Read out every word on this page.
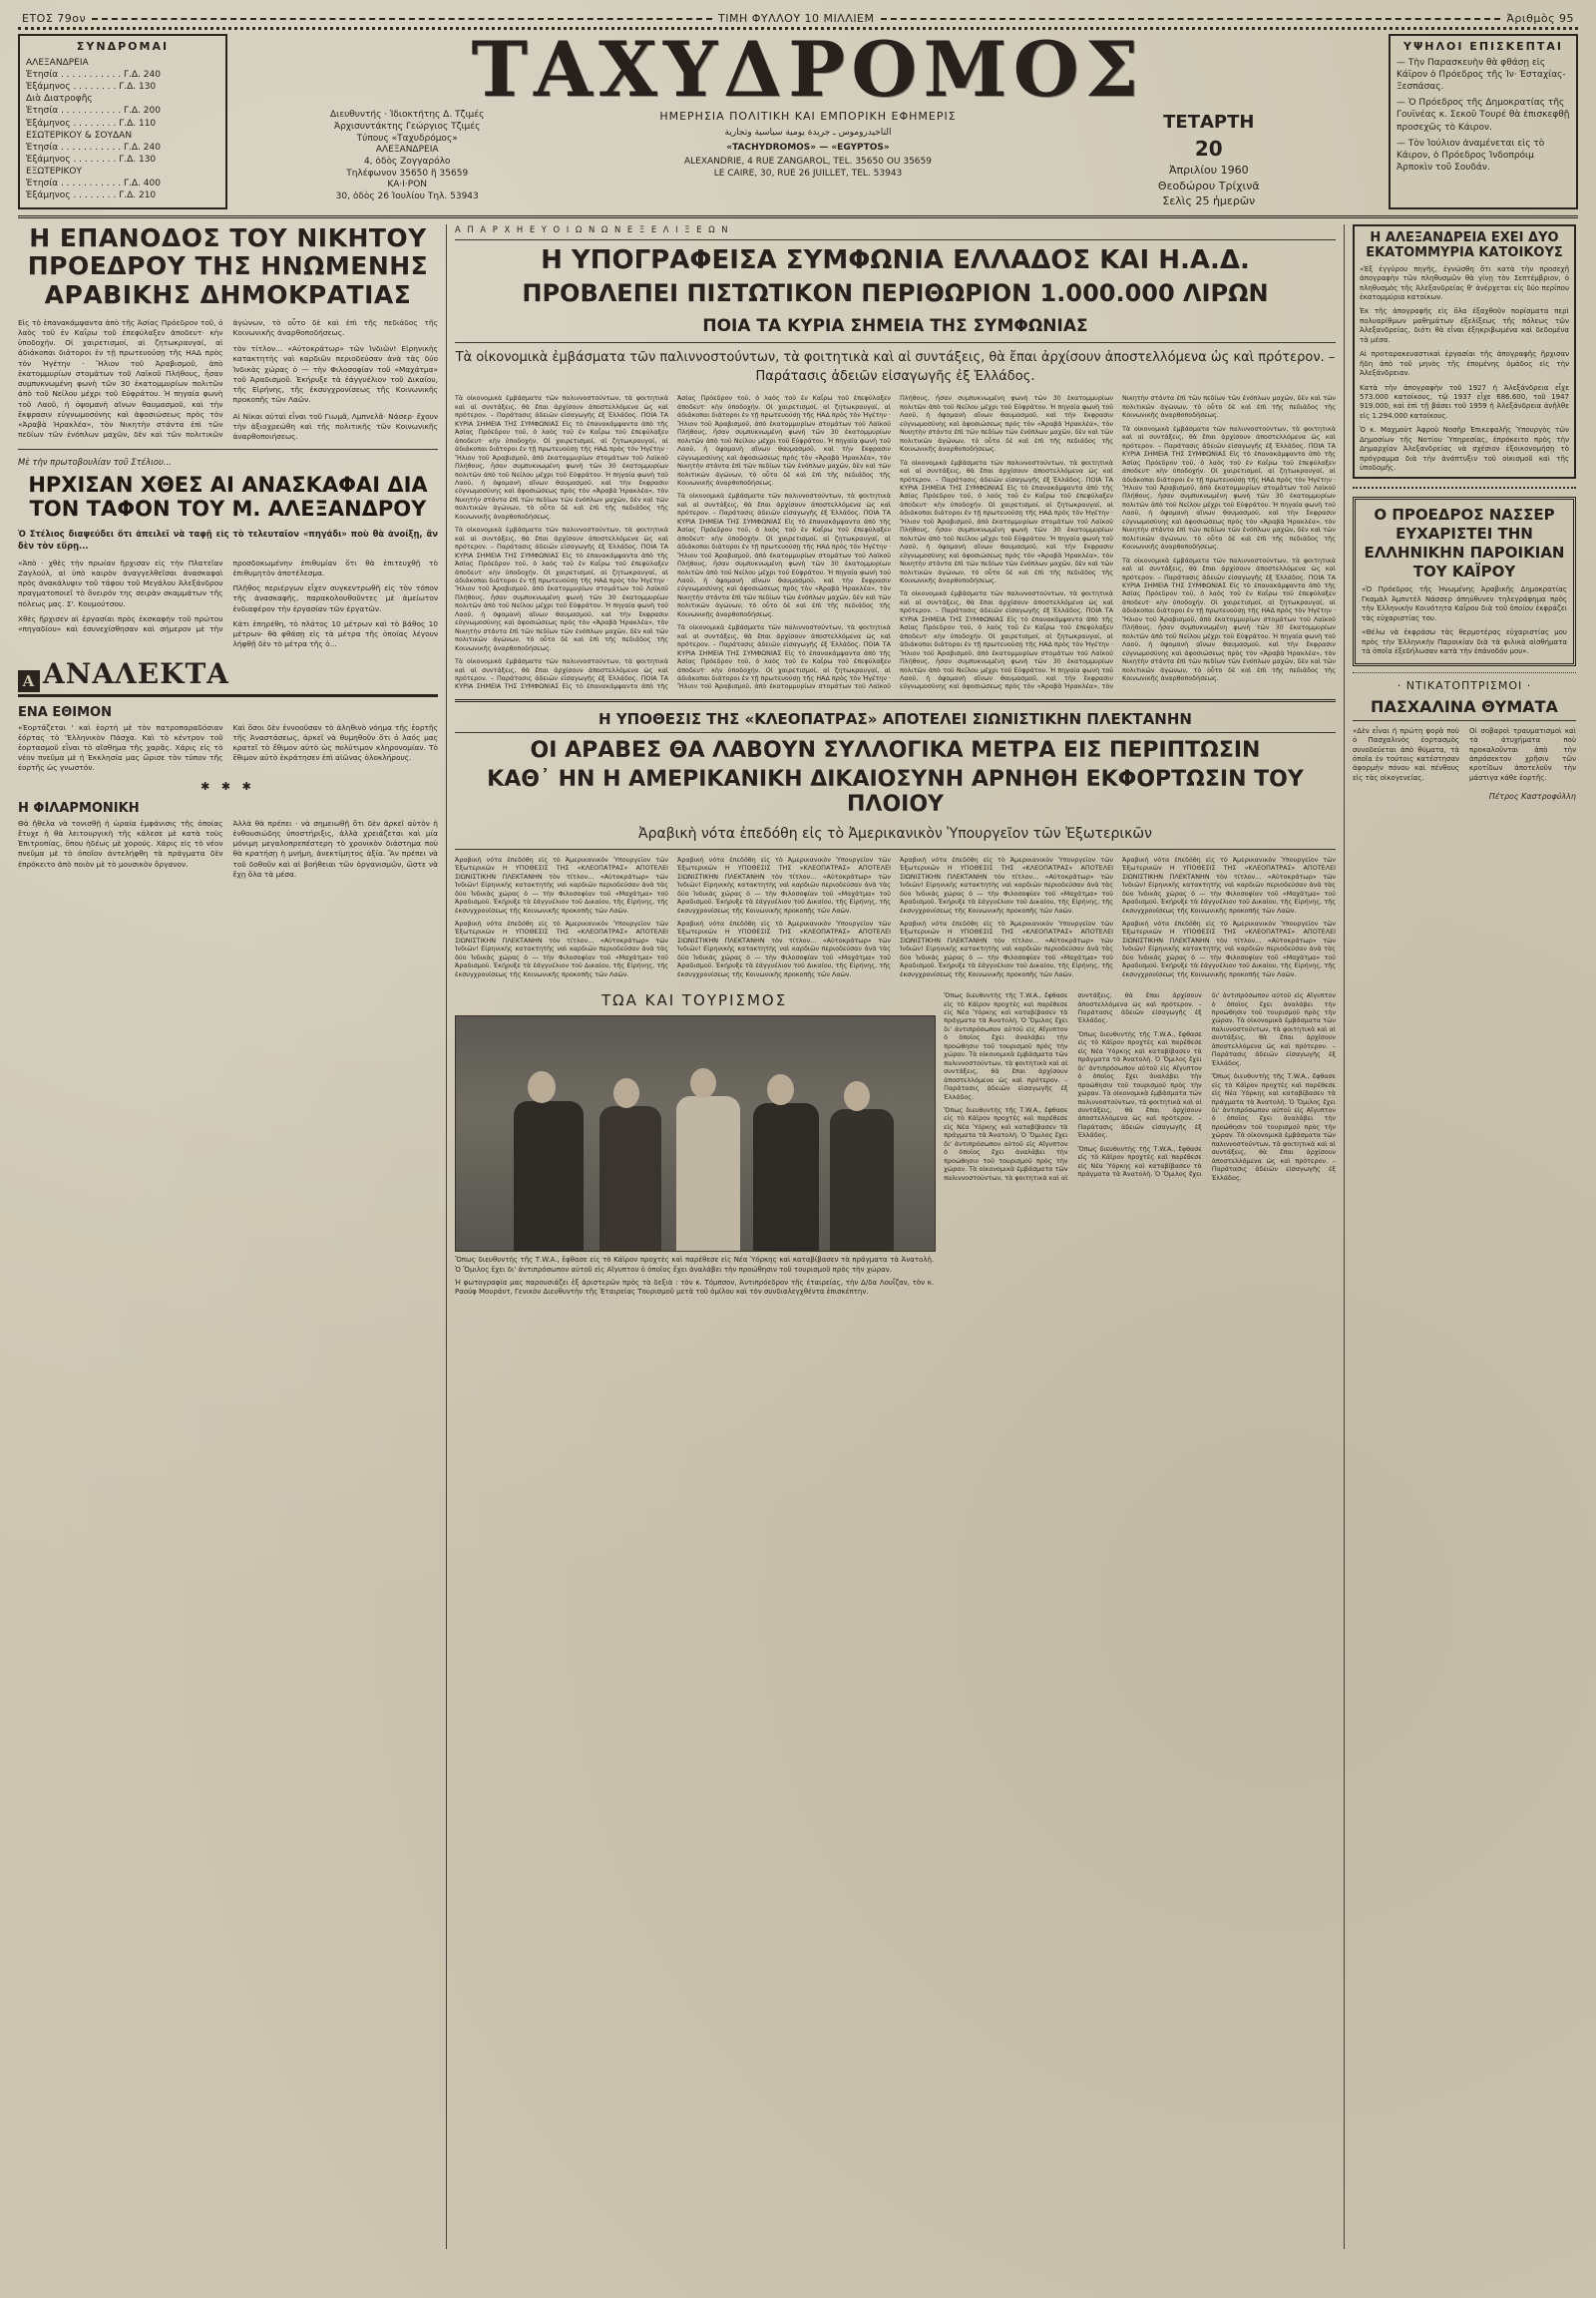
ΕΤΟΣ 79ον	ΤΙΜΗ ΦΥΛΛΟΥ 10 ΜΙΛΛΙΕΜ	Ἀριθμὸς 95
ΣΥΝΔΡΟΜΑΙ
ΑΛΕΞΑΝΔΡΕΙΑ
Ἐτησία . . . . . . . . . . . Γ.Δ. 240
Ἑξάμηνος . . . . . . . . Γ.Δ. 130
Διὰ Διατροφῆς
Ἐτησία . . . . . . . . . . . Γ.Δ. 200
Ἑξάμηνος . . . . . . . . Γ.Δ. 110
ΕΣΩΤΕΡΙΚΟΥ & ΣΟΥΔΑΝ
Ἐτησία . . . . . . . . . . . Γ.Δ. 240
Ἑξάμηνος . . . . . . . . Γ.Δ. 130
ΕΞΩΤΕΡΙΚΟΥ
Ἐτησία . . . . . . . . . . . Γ.Δ. 400
Ἑξάμηνος . . . . . . . . Γ.Δ. 210
ΤΑΧΥΔΡΟΜΟΣ
Διευθυντής · Ἰδιοκτήτης Δ. Τζιμές
Ἀρχισυντάκτης Γεώργιος Τζιμές
Τύπους «Ταχυδρόμος»
ΑΛΕΞΑΝΔΡΕΙΑ
4, ὁδὸς Ζογγαρόλο
Τηλέφωνον 35650 ἢ 35659
ΚΑ·Ι·ΡΟΝ
30, ὁδὸς 26 Ἰουλίου Τηλ. 53943
ΗΜΕΡΗΣΙΑ ΠΟΛΙΤΙΚΗ ΚΑΙ ΕΜΠΟΡΙΚΗ ΕΦΗΜΕΡΙΣ
التاخيدروموس ـ جريدة يومية سياسية وتجارية
«TACHYDROMOS» — «EGYPTOS»
ALEXANDRIE, 4 RUE ZANGAROL, TEL. 35650 OU 35659
LE CAIRE, 30, RUE 26 JUILLET, TEL. 53943
ΤΕΤΑΡΤΗ
20
Ἀπριλίου 1960
Θεοδώρου Τρίχινᾶ
Σελὶς 25 ἡμερῶν
ΥΨΗΛΟΙ ΕΠΙΣΚΕΠΤΑΙ
— Τὴν Παρασκευὴν θὰ φθάσῃ εἰς Κάϊρον ὁ Πρόεδρος τῆς Ἰν· Ἐσταχίας-Ξεσπάσας.
— Ὁ Πρόεδρος τῆς Δημοκρατίας τῆς Γουϊνέας κ. Σεκοῦ Τουρέ θὰ ἐπισκεφθῇ προσεχῶς τὸ Κάιρον.
— Τὸν Ἰούλιον ἀναμένεται εἰς τὸ Κάιρον, ὁ Πρόεδρος Ἰνδοπρόιμ Ἀρποκὶν τοῦ Σουδάν.
Η ΕΠΑΝΟΔΟΣ ΤΟΥ ΝΙΚΗΤΟΥ ΠΡΟΕΔΡΟΥ ΤΗΣ ΗΝΩΜΕΝΗΣ ΑΡΑΒΙΚΗΣ ΔΗΜΟΚΡΑΤΙΑΣ
Εἰς τὸ ἐπανακάμψαντα ἀπὸ τῆς Ἀσίας Πρόεδρον τοῦ, ὁ λαὸς τοῦ ἐν Καΐρω τοῦ ἐπεφύλαξεν ἀποδευτ· κὴν ὑποδοχήν. Οἱ χαιρετισμοί, αἱ ζητωκραυγαί, αἱ ἀδιάκοπαι διάτοροι ἐν τῇ πρωτευούσῃ τῆς ΗΑΔ πρὸς τὸν Ἡγέτην · Ἥλιον τοῦ Ἀραβισμοῦ, ἀπὸ ἑκατομμυρίων στομάτων τοῦ Λαϊκοῦ Πλήθους, ἦσαν συμπυκνωμένη φωνὴ τῶν 30 ἑκατομμυρίων πολιτῶν ἀπὸ τοῦ Νείλου μέχρι τοῦ Εὐφράτου. Ἡ πηγαία φωνὴ τοῦ Λαοῦ, ἡ ὀψομανὴ αἴνων θαυμασμοῦ, καὶ τὴν ἔκφρασιν εὐγνωμοσύνης καὶ ἀφοσιώσεως πρὸς τὸν «Ἀραβὰ Ἡρακλέα», τὸν Νικητὴν στάντα ἐπὶ τῶν πεδίων τῶν ἐνόπλων μαχῶν, δὲν καὶ τῶν πολιτικῶν ἀγώνων, τὸ οὗτο δὲ καὶ ἐπὶ τῆς πεδιάδος τῆς Κοινωνικῆς ἀναρθοποδήσεως.
τὸν τίτλον... «Αὐτοκράτωρ» τῶν Ἰνδιῶν! Εἰρηνικὴς κατακτητὴς ναὶ καρδιῶν περιοδεύσαν ἀνὰ τὰς δύο Ἰνδικὰς χώρας ὁ — τὴν Φιλοσοφίαν τοῦ «Μαχάτμα» τοῦ Ἀραδισμοῦ. Ἐκήρυξε τὰ ἐάγγυέλιον τοῦ Δικαίου, τῆς Εἰρήνης, τῆς ἐκσυγχρονίσεως τῆς Κοινωνικῆς προκοπῆς τῶν Λαῶν.
Αἱ Νίκαι αὐταὶ εἶναι τοῦ Γιωμᾶ, Λμπνελᾶ· Νάσερ· ἔχουν τὴν ἀξιοχρεώθη καὶ τῆς πολιτικῆς τῶν Κοινωνικῆς ἀναρθοποιήσεως.
Μὲ τὴν πρωτοβουλίαν τοῦ Στέλιου...
ΗΡΧΙΣΑΝ ΧΘΕΣ ΑΙ ΑΝΑΣΚΑΦΑΙ ΔΙΑ ΤΟΝ ΤΑΦΟΝ ΤΟΥ Μ. ΑΛΕΞΑΝΔΡΟΥ
Ὁ Στέλιος διαψεύδει ὅτι ἀπειλεῖ νὰ ταφῇ εἰς τὸ τελευταῖον «πηγάδι» ποὺ θὰ ἀνοίξῃ, ἂν δὲν τὸν εὕρῃ...
«Ἀπὸ · χθὲς τὴν πρωίαν ἤρχισαν εἰς τὴν Πλατεῖαν Ζαγλούλ, αἱ ὑπὸ καιρὸν ἀναγγελθεῖσαι ἀνασκαφαὶ πρὸς ἀνακάλυψιν τοῦ τάφου τοῦ Μεγάλου Ἀλεξάνδρου πραγματοποιεῖ τὸ ὄνειρόν της σειρὰν σκαμμάτων τῆς πόλεως μας. Σ'. Κουμούτσου.
Χθὲς ἤρχισεν αἱ ἐργασίαι πρὸς ἐκσκαφὴν τοῦ πρώτου «πηγαδίου» καὶ ἐσυνεχίσθησαν καὶ σήμερον μὲ τὴν προσδοκωμένην ἐπιθυμίαν ὅτι θὰ ἐπιτευχθῇ τὸ ἐπιθυμητὸν ἀποτέλεσμα.
Πλῆθος περιέργων εἶχεν συγκεντρωθῆ εἰς τὸν τόπον τῆς ἀνασκαφῆς, παρακολουθοῦντες μὲ ἀμείωτον ἐνδιαφέρον τὴν ἐργασίαν τῶν ἐργατῶν.
Κάτι ἐπηρέθη, τὸ πλάτος 10 μέτρων καὶ τὸ βάθος 10 μέτρων· θὰ φθάσῃ εἰς τὰ μέτρα τῆς ὁποίας λέγουν λήφθῇ δὲν τὸ μέτρα τῆς ὁ...
Α ΑΝΑΛΕΚΤΑ
ΕΝΑ ΕΘΙΜΟΝ
«Ἐορτάζεται ' καὶ ἑορτὴ μὲ τὸν πατροπαραδόσιαν ἑόρτας τὸ 'Ἑλληνικὸν Πάσχα. Καὶ τὸ κέντρον τοῦ ἑορτασμοῦ εἶναι τὸ αἴσθημα τῆς χαρᾶς. Χάρις εἰς τὸ νέον πνεῦμα μὲ ἡ Ἐκκλησία μας ὥρισε τὸν τύπον τῆς ἑορτῆς ὡς γνωστόν.
Καὶ ὅσοι δὲν ἐννοοῦσαν τὸ ἀληθινὸ νόημα τῆς ἑορτῆς τῆς Ἀναστάσεως, ἀρκεῖ νὰ θυμηθοῦν ὅτι ὁ λαός μας κρατεῖ τὸ ἔθιμον αὐτὸ ὡς πολύτιμον κληρονομίαν. Τὸ ἔθιμον αὐτὸ ἐκράτησεν ἐπὶ αἰῶνας ὁλοκλήρους.
✱ ✱ ✱
Η ΦΙΛΑΡΜΟΝΙΚΗ
Θὰ ἤθελα νὰ τονισθῇ ἡ ὡραία ἐμφάνισις τῆς ὁποίας ἔτυχε ἡ θὰ λειτουργικὴ τῆς κάλεσε μὲ κατὰ τοὺς Ἐπιτροπίας, ὅπου ἡδέως μὲ χορούς. Χάρις εἰς τὸ νέον πνεῦμα μὲ τὸ ὁποῖον ἀντελήφθη τὰ πράγματα δὲν ἐπρόκειτο ἀπὸ ποιὸν μὲ τὸ μουσικὸν ὄργανον.
Ἀλλὰ θὰ πρέπει · νὰ σημειωθῇ ὅτι δὲν ἀρκεῖ αὐτὸν ἡ ἐνθουσιώδης ὑποστήριξις, ἀλλὰ χρειάζεται καὶ μία μόνιμη μεγαλοπρεπέστερη τὸ χρονικὸν διάστημα ποὺ θὰ κρατήσῃ ἡ μνήμη, ἀνεκτίμητος ἀξία. Ἂν πρέπει νὰ τοῦ δοθοῦν καὶ αἱ βοήθειαι τῶν ὀργανισμῶν, ὥστε νὰ ἔχῃ ὅλα τὰ μέσα.
Α Π Α Ρ Χ Η Ε Υ Ο Ι Ω Ν Ω Ν Ε Ξ Ε Λ Ι Ξ Ε Ω Ν
Η ΥΠΟΓΡΑΦΕΙΣΑ ΣΥΜΦΩΝΙΑ ΕΛΛΑΔΟΣ ΚΑΙ Η.Α.Δ.
ΠΡΟΒΛΕΠΕΙ ΠΙΣΤΩΤΙΚΟΝ ΠΕΡΙΘΩΡΙΟΝ 1.000.000 ΛΙΡΩΝ
ΠΟΙΑ ΤΑ ΚΥΡΙΑ ΣΗΜΕΙΑ ΤΗΣ ΣΥΜΦΩΝΙΑΣ
Τὰ οἰκονομικὰ ἐμβάσματα τῶν παλιννοστούντων, τὰ φοιτητικὰ καὶ αἱ συντάξεις, θὰ ἔπαι ἀρχίσουν ἀποστελλόμενα ὡς καὶ πρότερον. – Παράτασις ἀδειῶν εἰσαγωγῆς ἐξ Ἑλλάδος.

Τὰ οἰκονομικὰ ἐμβάσματα τῶν παλιννοστούντων, τὰ φοιτητικὰ καὶ αἱ συντάξεις, θὰ ἔπαι ἀρχίσουν ἀποστελλόμενα ὡς καὶ πρότερον. – Παράτασις ἀδειῶν εἰσαγωγῆς ἐξ Ἑλλάδος. ΠΟΙΑ ΤΑ ΚΥΡΙΑ ΣΗΜΕΙΑ ΤΗΣ ΣΥΜΦΩΝΙΑΣ Εἰς τὸ ἐπανακάμψαντα ἀπὸ τῆς Ἀσίας Πρόεδρον τοῦ, ὁ λαὸς τοῦ ἐν Καΐρω τοῦ ἐπεφύλαξεν ἀποδευτ· κὴν ὑποδοχήν. Οἱ χαιρετισμοί, αἱ ζητωκραυγαί, αἱ ἀδιάκοπαι διάτοροι ἐν τῇ πρωτευούσῃ τῆς ΗΑΔ πρὸς τὸν Ἡγέτην · Ἥλιον τοῦ Ἀραβισμοῦ, ἀπὸ ἑκατομμυρίων στομάτων τοῦ Λαϊκοῦ Πλήθους, ἦσαν συμπυκνωμένη φωνὴ τῶν 30 ἑκατομμυρίων πολιτῶν ἀπὸ τοῦ Νείλου μέχρι τοῦ Εὐφράτου. Ἡ πηγαία φωνὴ τοῦ Λαοῦ, ἡ ὀψομανὴ αἴνων θαυμασμοῦ, καὶ τὴν ἔκφρασιν εὐγνωμοσύνης καὶ ἀφοσιώσεως πρὸς τὸν «Ἀραβὰ Ἡρακλέα», τὸν Νικητὴν στάντα ἐπὶ τῶν πεδίων τῶν ἐνόπλων μαχῶν, δὲν καὶ τῶν πολιτικῶν ἀγώνων, τὸ οὗτο δὲ καὶ ἐπὶ τῆς πεδιάδος τῆς Κοινωνικῆς ἀναρθοποδήσεως.

Τὰ οἰκονομικὰ ἐμβάσματα τῶν παλιννοστούντων, τὰ φοιτητικὰ καὶ αἱ συντάξεις, θὰ ἔπαι ἀρχίσουν ἀποστελλόμενα ὡς καὶ πρότερον. – Παράτασις ἀδειῶν εἰσαγωγῆς ἐξ Ἑλλάδος. ΠΟΙΑ ΤΑ ΚΥΡΙΑ ΣΗΜΕΙΑ ΤΗΣ ΣΥΜΦΩΝΙΑΣ Εἰς τὸ ἐπανακάμψαντα ἀπὸ τῆς Ἀσίας Πρόεδρον τοῦ, ὁ λαὸς τοῦ ἐν Καΐρω τοῦ ἐπεφύλαξεν ἀποδευτ· κὴν ὑποδοχήν. Οἱ χαιρετισμοί, αἱ ζητωκραυγαί, αἱ ἀδιάκοπαι διάτοροι ἐν τῇ πρωτευούσῃ τῆς ΗΑΔ πρὸς τὸν Ἡγέτην · Ἥλιον τοῦ Ἀραβισμοῦ, ἀπὸ ἑκατομμυρίων στομάτων τοῦ Λαϊκοῦ Πλήθους, ἦσαν συμπυκνωμένη φωνὴ τῶν 30 ἑκατομμυρίων πολιτῶν ἀπὸ τοῦ Νείλου μέχρι τοῦ Εὐφράτου. Ἡ πηγαία φωνὴ τοῦ Λαοῦ, ἡ ὀψομανὴ αἴνων θαυμασμοῦ, καὶ τὴν ἔκφρασιν εὐγνωμοσύνης καὶ ἀφοσιώσεως πρὸς τὸν «Ἀραβὰ Ἡρακλέα», τὸν Νικητὴν στάντα ἐπὶ τῶν πεδίων τῶν ἐνόπλων μαχῶν, δὲν καὶ τῶν πολιτικῶν ἀγώνων, τὸ οὗτο δὲ καὶ ἐπὶ τῆς πεδιάδος τῆς Κοινωνικῆς ἀναρθοποδήσεως.

Τὰ οἰκονομικὰ ἐμβάσματα τῶν παλιννοστούντων, τὰ φοιτητικὰ καὶ αἱ συντάξεις, θὰ ἔπαι ἀρχίσουν ἀποστελλόμενα ὡς καὶ πρότερον. – Παράτασις ἀδειῶν εἰσαγωγῆς ἐξ Ἑλλάδος. ΠΟΙΑ ΤΑ ΚΥΡΙΑ ΣΗΜΕΙΑ ΤΗΣ ΣΥΜΦΩΝΙΑΣ Εἰς τὸ ἐπανακάμψαντα ἀπὸ τῆς Ἀσίας Πρόεδρον τοῦ, ὁ λαὸς τοῦ ἐν Καΐρω τοῦ ἐπεφύλαξεν ἀποδευτ· κὴν ὑποδοχήν. Οἱ χαιρετισμοί, αἱ ζητωκραυγαί, αἱ ἀδιάκοπαι διάτοροι ἐν τῇ πρωτευούσῃ τῆς ΗΑΔ πρὸς τὸν Ἡγέτην · Ἥλιον τοῦ Ἀραβισμοῦ, ἀπὸ ἑκατομμυρίων στομάτων τοῦ Λαϊκοῦ Πλήθους, ἦσαν συμπυκνωμένη φωνὴ τῶν 30 ἑκατομμυρίων πολιτῶν ἀπὸ τοῦ Νείλου μέχρι τοῦ Εὐφράτου. Ἡ πηγαία φωνὴ τοῦ Λαοῦ, ἡ ὀψομανὴ αἴνων θαυμασμοῦ, καὶ τὴν ἔκφρασιν εὐγνωμοσύνης καὶ ἀφοσιώσεως πρὸς τὸν «Ἀραβὰ Ἡρακλέα», τὸν Νικητὴν στάντα ἐπὶ τῶν πεδίων τῶν ἐνόπλων μαχῶν, δὲν καὶ τῶν πολιτικῶν ἀγώνων, τὸ οὗτο δὲ καὶ ἐπὶ τῆς πεδιάδος τῆς Κοινωνικῆς ἀναρθοποδήσεως.

Τὰ οἰκονομικὰ ἐμβάσματα τῶν παλιννοστούντων, τὰ φοιτητικὰ καὶ αἱ συντάξεις, θὰ ἔπαι ἀρχίσουν ἀποστελλόμενα ὡς καὶ πρότερον. – Παράτασις ἀδειῶν εἰσαγωγῆς ἐξ Ἑλλάδος. ΠΟΙΑ ΤΑ ΚΥΡΙΑ ΣΗΜΕΙΑ ΤΗΣ ΣΥΜΦΩΝΙΑΣ Εἰς τὸ ἐπανακάμψαντα ἀπὸ τῆς Ἀσίας Πρόεδρον τοῦ, ὁ λαὸς τοῦ ἐν Καΐρω τοῦ ἐπεφύλαξεν ἀποδευτ· κὴν ὑποδοχήν. Οἱ χαιρετισμοί, αἱ ζητωκραυγαί, αἱ ἀδιάκοπαι διάτοροι ἐν τῇ πρωτευούσῃ τῆς ΗΑΔ πρὸς τὸν Ἡγέτην · Ἥλιον τοῦ Ἀραβισμοῦ, ἀπὸ ἑκατομμυρίων στομάτων τοῦ Λαϊκοῦ Πλήθους, ἦσαν συμπυκνωμένη φωνὴ τῶν 30 ἑκατομμυρίων πολιτῶν ἀπὸ τοῦ Νείλου μέχρι τοῦ Εὐφράτου. Ἡ πηγαία φωνὴ τοῦ Λαοῦ, ἡ ὀψομανὴ αἴνων θαυμασμοῦ, καὶ τὴν ἔκφρασιν εὐγνωμοσύνης καὶ ἀφοσιώσεως πρὸς τὸν «Ἀραβὰ Ἡρακλέα», τὸν Νικητὴν στάντα ἐπὶ τῶν πεδίων τῶν ἐνόπλων μαχῶν, δὲν καὶ τῶν πολιτικῶν ἀγώνων, τὸ οὗτο δὲ καὶ ἐπὶ τῆς πεδιάδος τῆς Κοινωνικῆς ἀναρθοποδήσεως.

Τὰ οἰκονομικὰ ἐμβάσματα τῶν παλιννοστούντων, τὰ φοιτητικὰ καὶ αἱ συντάξεις, θὰ ἔπαι ἀρχίσουν ἀποστελλόμενα ὡς καὶ πρότερον. – Παράτασις ἀδειῶν εἰσαγωγῆς ἐξ Ἑλλάδος. ΠΟΙΑ ΤΑ ΚΥΡΙΑ ΣΗΜΕΙΑ ΤΗΣ ΣΥΜΦΩΝΙΑΣ Εἰς τὸ ἐπανακάμψαντα ἀπὸ τῆς Ἀσίας Πρόεδρον τοῦ, ὁ λαὸς τοῦ ἐν Καΐρω τοῦ ἐπεφύλαξεν ἀποδευτ· κὴν ὑποδοχήν. Οἱ χαιρετισμοί, αἱ ζητωκραυγαί, αἱ ἀδιάκοπαι διάτοροι ἐν τῇ πρωτευούσῃ τῆς ΗΑΔ πρὸς τὸν Ἡγέτην · Ἥλιον τοῦ Ἀραβισμοῦ, ἀπὸ ἑκατομμυρίων στομάτων τοῦ Λαϊκοῦ Πλήθους, ἦσαν συμπυκνωμένη φωνὴ τῶν 30 ἑκατομμυρίων πολιτῶν ἀπὸ τοῦ Νείλου μέχρι τοῦ Εὐφράτου. Ἡ πηγαία φωνὴ τοῦ Λαοῦ, ἡ ὀψομανὴ αἴνων θαυμασμοῦ, καὶ τὴν ἔκφρασιν εὐγνωμοσύνης καὶ ἀφοσιώσεως πρὸς τὸν «Ἀραβὰ Ἡρακλέα», τὸν Νικητὴν στάντα ἐπὶ τῶν πεδίων τῶν ἐνόπλων μαχῶν, δὲν καὶ τῶν πολιτικῶν ἀγώνων, τὸ οὗτο δὲ καὶ ἐπὶ τῆς πεδιάδος τῆς Κοινωνικῆς ἀναρθοποδήσεως.

Τὰ οἰκονομικὰ ἐμβάσματα τῶν παλιννοστούντων, τὰ φοιτητικὰ καὶ αἱ συντάξεις, θὰ ἔπαι ἀρχίσουν ἀποστελλόμενα ὡς καὶ πρότερον. – Παράτασις ἀδειῶν εἰσαγωγῆς ἐξ Ἑλλάδος. ΠΟΙΑ ΤΑ ΚΥΡΙΑ ΣΗΜΕΙΑ ΤΗΣ ΣΥΜΦΩΝΙΑΣ Εἰς τὸ ἐπανακάμψαντα ἀπὸ τῆς Ἀσίας Πρόεδρον τοῦ, ὁ λαὸς τοῦ ἐν Καΐρω τοῦ ἐπεφύλαξεν ἀποδευτ· κὴν ὑποδοχήν. Οἱ χαιρετισμοί, αἱ ζητωκραυγαί, αἱ ἀδιάκοπαι διάτοροι ἐν τῇ πρωτευούσῃ τῆς ΗΑΔ πρὸς τὸν Ἡγέτην · Ἥλιον τοῦ Ἀραβισμοῦ, ἀπὸ ἑκατομμυρίων στομάτων τοῦ Λαϊκοῦ Πλήθους, ἦσαν συμπυκνωμένη φωνὴ τῶν 30 ἑκατομμυρίων πολιτῶν ἀπὸ τοῦ Νείλου μέχρι τοῦ Εὐφράτου. Ἡ πηγαία φωνὴ τοῦ Λαοῦ, ἡ ὀψομανὴ αἴνων θαυμασμοῦ, καὶ τὴν ἔκφρασιν εὐγνωμοσύνης καὶ ἀφοσιώσεως πρὸς τὸν «Ἀραβὰ Ἡρακλέα», τὸν Νικητὴν στάντα ἐπὶ τῶν πεδίων τῶν ἐνόπλων μαχῶν, δὲν καὶ τῶν πολιτικῶν ἀγώνων, τὸ οὗτο δὲ καὶ ἐπὶ τῆς πεδιάδος τῆς Κοινωνικῆς ἀναρθοποδήσεως.

Τὰ οἰκονομικὰ ἐμβάσματα τῶν παλιννοστούντων, τὰ φοιτητικὰ καὶ αἱ συντάξεις, θὰ ἔπαι ἀρχίσουν ἀποστελλόμενα ὡς καὶ πρότερον. – Παράτασις ἀδειῶν εἰσαγωγῆς ἐξ Ἑλλάδος. ΠΟΙΑ ΤΑ ΚΥΡΙΑ ΣΗΜΕΙΑ ΤΗΣ ΣΥΜΦΩΝΙΑΣ Εἰς τὸ ἐπανακάμψαντα ἀπὸ τῆς Ἀσίας Πρόεδρον τοῦ, ὁ λαὸς τοῦ ἐν Καΐρω τοῦ ἐπεφύλαξεν ἀποδευτ· κὴν ὑποδοχήν. Οἱ χαιρετισμοί, αἱ ζητωκραυγαί, αἱ ἀδιάκοπαι διάτοροι ἐν τῇ πρωτευούσῃ τῆς ΗΑΔ πρὸς τὸν Ἡγέτην · Ἥλιον τοῦ Ἀραβισμοῦ, ἀπὸ ἑκατομμυρίων στομάτων τοῦ Λαϊκοῦ Πλήθους, ἦσαν συμπυκνωμένη φωνὴ τῶν 30 ἑκατομμυρίων πολιτῶν ἀπὸ τοῦ Νείλου μέχρι τοῦ Εὐφράτου. Ἡ πηγαία φωνὴ τοῦ Λαοῦ, ἡ ὀψομανὴ αἴνων θαυμασμοῦ, καὶ τὴν ἔκφρασιν εὐγνωμοσύνης καὶ ἀφοσιώσεως πρὸς τὸν «Ἀραβὰ Ἡρακλέα», τὸν Νικητὴν στάντα ἐπὶ τῶν πεδίων τῶν ἐνόπλων μαχῶν, δὲν καὶ τῶν πολιτικῶν ἀγώνων, τὸ οὗτο δὲ καὶ ἐπὶ τῆς πεδιάδος τῆς Κοινωνικῆς ἀναρθοποδήσεως.

Τὰ οἰκονομικὰ ἐμβάσματα τῶν παλιννοστούντων, τὰ φοιτητικὰ καὶ αἱ συντάξεις, θὰ ἔπαι ἀρχίσουν ἀποστελλόμενα ὡς καὶ πρότερον. – Παράτασις ἀδειῶν εἰσαγωγῆς ἐξ Ἑλλάδος. ΠΟΙΑ ΤΑ ΚΥΡΙΑ ΣΗΜΕΙΑ ΤΗΣ ΣΥΜΦΩΝΙΑΣ Εἰς τὸ ἐπανακάμψαντα ἀπὸ τῆς Ἀσίας Πρόεδρον τοῦ, ὁ λαὸς τοῦ ἐν Καΐρω τοῦ ἐπεφύλαξεν ἀποδευτ· κὴν ὑποδοχήν. Οἱ χαιρετισμοί, αἱ ζητωκραυγαί, αἱ ἀδιάκοπαι διάτοροι ἐν τῇ πρωτευούσῃ τῆς ΗΑΔ πρὸς τὸν Ἡγέτην · Ἥλιον τοῦ Ἀραβισμοῦ, ἀπὸ ἑκατομμυρίων στομάτων τοῦ Λαϊκοῦ Πλήθους, ἦσαν συμπυκνωμένη φωνὴ τῶν 30 ἑκατομμυρίων πολιτῶν ἀπὸ τοῦ Νείλου μέχρι τοῦ Εὐφράτου. Ἡ πηγαία φωνὴ τοῦ Λαοῦ, ἡ ὀψομανὴ αἴνων θαυμασμοῦ, καὶ τὴν ἔκφρασιν εὐγνωμοσύνης καὶ ἀφοσιώσεως πρὸς τὸν «Ἀραβὰ Ἡρακλέα», τὸν Νικητὴν στάντα ἐπὶ τῶν πεδίων τῶν ἐνόπλων μαχῶν, δὲν καὶ τῶν πολιτικῶν ἀγώνων, τὸ οὗτο δὲ καὶ ἐπὶ τῆς πεδιάδος τῆς Κοινωνικῆς ἀναρθοποδήσεως.

Τὰ οἰκονομικὰ ἐμβάσματα τῶν παλιννοστούντων, τὰ φοιτητικὰ καὶ αἱ συντάξεις, θὰ ἔπαι ἀρχίσουν ἀποστελλόμενα ὡς καὶ πρότερον. – Παράτασις ἀδειῶν εἰσαγωγῆς ἐξ Ἑλλάδος. ΠΟΙΑ ΤΑ ΚΥΡΙΑ ΣΗΜΕΙΑ ΤΗΣ ΣΥΜΦΩΝΙΑΣ Εἰς τὸ ἐπανακάμψαντα ἀπὸ τῆς Ἀσίας Πρόεδρον τοῦ, ὁ λαὸς τοῦ ἐν Καΐρω τοῦ ἐπεφύλαξεν ἀποδευτ· κὴν ὑποδοχήν. Οἱ χαιρετισμοί, αἱ ζητωκραυγαί, αἱ ἀδιάκοπαι διάτοροι ἐν τῇ πρωτευούσῃ τῆς ΗΑΔ πρὸς τὸν Ἡγέτην · Ἥλιον τοῦ Ἀραβισμοῦ, ἀπὸ ἑκατομμυρίων στομάτων τοῦ Λαϊκοῦ Πλήθους, ἦσαν συμπυκνωμένη φωνὴ τῶν 30 ἑκατομμυρίων πολιτῶν ἀπὸ τοῦ Νείλου μέχρι τοῦ Εὐφράτου. Ἡ πηγαία φωνὴ τοῦ Λαοῦ, ἡ ὀψομανὴ αἴνων θαυμασμοῦ, καὶ τὴν ἔκφρασιν εὐγνωμοσύνης καὶ ἀφοσιώσεως πρὸς τὸν «Ἀραβὰ Ἡρακλέα», τὸν Νικητὴν στάντα ἐπὶ τῶν πεδίων τῶν ἐνόπλων μαχῶν, δὲν καὶ τῶν πολιτικῶν ἀγώνων, τὸ οὗτο δὲ καὶ ἐπὶ τῆς πεδιάδος τῆς Κοινωνικῆς ἀναρθοποδήσεως.

Η ΥΠΟΘΕΣΙΣ ΤΗΣ «ΚΛΕΟΠΑΤΡΑΣ» ΑΠΟΤΕΛΕΙ ΣΙΩΝΙΣΤΙΚΗΝ ΠΛΕΚΤΑΝΗΝ
ΟΙ ΑΡΑΒΕΣ ΘΑ ΛΑΒΟΥΝ ΣΥΛΛΟΓΙΚΑ ΜΕΤΡΑ ΕΙΣ ΠΕΡΙΠΤΩΣΙΝ
ΚΑΘ᾽ ΗΝ Η ΑΜΕΡΙΚΑΝΙΚΗ ΔΙΚΑΙΟΣΥΝΗ ΑΡΝΗΘΗ ΕΚΦΟΡΤΩΣΙΝ ΤΟΥ ΠΛΟΙΟΥ
Ἀραβικὴ νότα ἐπεδόθη εἰς τὸ Ἀμερικανικὸν Ὑπουργεῖον τῶν Ἐξωτερικῶν

Ἀραβικὴ νότα ἐπεδόθη εἰς τὸ Ἀμερικανικὸν Ὑπουργεῖον τῶν Ἐξωτερικῶν Η ΥΠΟΘΕΣΙΣ ΤΗΣ «ΚΛΕΟΠΑΤΡΑΣ» ΑΠΟΤΕΛΕΙ ΣΙΩΝΙΣΤΙΚΗΝ ΠΛΕΚΤΑΝΗΝ τὸν τίτλον... «Αὐτοκράτωρ» τῶν Ἰνδιῶν! Εἰρηνικὴς κατακτητὴς ναὶ καρδιῶν περιοδεύσαν ἀνὰ τὰς δύο Ἰνδικὰς χώρας ὁ — τὴν Φιλοσοφίαν τοῦ «Μαχάτμα» τοῦ Ἀραδισμοῦ. Ἐκήρυξε τὰ ἐάγγυέλιον τοῦ Δικαίου, τῆς Εἰρήνης, τῆς ἐκσυγχρονίσεως τῆς Κοινωνικῆς προκοπῆς τῶν Λαῶν.

Ἀραβικὴ νότα ἐπεδόθη εἰς τὸ Ἀμερικανικὸν Ὑπουργεῖον τῶν Ἐξωτερικῶν Η ΥΠΟΘΕΣΙΣ ΤΗΣ «ΚΛΕΟΠΑΤΡΑΣ» ΑΠΟΤΕΛΕΙ ΣΙΩΝΙΣΤΙΚΗΝ ΠΛΕΚΤΑΝΗΝ τὸν τίτλον... «Αὐτοκράτωρ» τῶν Ἰνδιῶν! Εἰρηνικὴς κατακτητὴς ναὶ καρδιῶν περιοδεύσαν ἀνὰ τὰς δύο Ἰνδικὰς χώρας ὁ — τὴν Φιλοσοφίαν τοῦ «Μαχάτμα» τοῦ Ἀραδισμοῦ. Ἐκήρυξε τὰ ἐάγγυέλιον τοῦ Δικαίου, τῆς Εἰρήνης, τῆς ἐκσυγχρονίσεως τῆς Κοινωνικῆς προκοπῆς τῶν Λαῶν.

Ἀραβικὴ νότα ἐπεδόθη εἰς τὸ Ἀμερικανικὸν Ὑπουργεῖον τῶν Ἐξωτερικῶν Η ΥΠΟΘΕΣΙΣ ΤΗΣ «ΚΛΕΟΠΑΤΡΑΣ» ΑΠΟΤΕΛΕΙ ΣΙΩΝΙΣΤΙΚΗΝ ΠΛΕΚΤΑΝΗΝ τὸν τίτλον... «Αὐτοκράτωρ» τῶν Ἰνδιῶν! Εἰρηνικὴς κατακτητὴς ναὶ καρδιῶν περιοδεύσαν ἀνὰ τὰς δύο Ἰνδικὰς χώρας ὁ — τὴν Φιλοσοφίαν τοῦ «Μαχάτμα» τοῦ Ἀραδισμοῦ. Ἐκήρυξε τὰ ἐάγγυέλιον τοῦ Δικαίου, τῆς Εἰρήνης, τῆς ἐκσυγχρονίσεως τῆς Κοινωνικῆς προκοπῆς τῶν Λαῶν.

Ἀραβικὴ νότα ἐπεδόθη εἰς τὸ Ἀμερικανικὸν Ὑπουργεῖον τῶν Ἐξωτερικῶν Η ΥΠΟΘΕΣΙΣ ΤΗΣ «ΚΛΕΟΠΑΤΡΑΣ» ΑΠΟΤΕΛΕΙ ΣΙΩΝΙΣΤΙΚΗΝ ΠΛΕΚΤΑΝΗΝ τὸν τίτλον... «Αὐτοκράτωρ» τῶν Ἰνδιῶν! Εἰρηνικὴς κατακτητὴς ναὶ καρδιῶν περιοδεύσαν ἀνὰ τὰς δύο Ἰνδικὰς χώρας ὁ — τὴν Φιλοσοφίαν τοῦ «Μαχάτμα» τοῦ Ἀραδισμοῦ. Ἐκήρυξε τὰ ἐάγγυέλιον τοῦ Δικαίου, τῆς Εἰρήνης, τῆς ἐκσυγχρονίσεως τῆς Κοινωνικῆς προκοπῆς τῶν Λαῶν.

Ἀραβικὴ νότα ἐπεδόθη εἰς τὸ Ἀμερικανικὸν Ὑπουργεῖον τῶν Ἐξωτερικῶν Η ΥΠΟΘΕΣΙΣ ΤΗΣ «ΚΛΕΟΠΑΤΡΑΣ» ΑΠΟΤΕΛΕΙ ΣΙΩΝΙΣΤΙΚΗΝ ΠΛΕΚΤΑΝΗΝ τὸν τίτλον... «Αὐτοκράτωρ» τῶν Ἰνδιῶν! Εἰρηνικὴς κατακτητὴς ναὶ καρδιῶν περιοδεύσαν ἀνὰ τὰς δύο Ἰνδικὰς χώρας ὁ — τὴν Φιλοσοφίαν τοῦ «Μαχάτμα» τοῦ Ἀραδισμοῦ. Ἐκήρυξε τὰ ἐάγγυέλιον τοῦ Δικαίου, τῆς Εἰρήνης, τῆς ἐκσυγχρονίσεως τῆς Κοινωνικῆς προκοπῆς τῶν Λαῶν.

Ἀραβικὴ νότα ἐπεδόθη εἰς τὸ Ἀμερικανικὸν Ὑπουργεῖον τῶν Ἐξωτερικῶν Η ΥΠΟΘΕΣΙΣ ΤΗΣ «ΚΛΕΟΠΑΤΡΑΣ» ΑΠΟΤΕΛΕΙ ΣΙΩΝΙΣΤΙΚΗΝ ΠΛΕΚΤΑΝΗΝ τὸν τίτλον... «Αὐτοκράτωρ» τῶν Ἰνδιῶν! Εἰρηνικὴς κατακτητὴς ναὶ καρδιῶν περιοδεύσαν ἀνὰ τὰς δύο Ἰνδικὰς χώρας ὁ — τὴν Φιλοσοφίαν τοῦ «Μαχάτμα» τοῦ Ἀραδισμοῦ. Ἐκήρυξε τὰ ἐάγγυέλιον τοῦ Δικαίου, τῆς Εἰρήνης, τῆς ἐκσυγχρονίσεως τῆς Κοινωνικῆς προκοπῆς τῶν Λαῶν.

Ἀραβικὴ νότα ἐπεδόθη εἰς τὸ Ἀμερικανικὸν Ὑπουργεῖον τῶν Ἐξωτερικῶν Η ΥΠΟΘΕΣΙΣ ΤΗΣ «ΚΛΕΟΠΑΤΡΑΣ» ΑΠΟΤΕΛΕΙ ΣΙΩΝΙΣΤΙΚΗΝ ΠΛΕΚΤΑΝΗΝ τὸν τίτλον... «Αὐτοκράτωρ» τῶν Ἰνδιῶν! Εἰρηνικὴς κατακτητὴς ναὶ καρδιῶν περιοδεύσαν ἀνὰ τὰς δύο Ἰνδικὰς χώρας ὁ — τὴν Φιλοσοφίαν τοῦ «Μαχάτμα» τοῦ Ἀραδισμοῦ. Ἐκήρυξε τὰ ἐάγγυέλιον τοῦ Δικαίου, τῆς Εἰρήνης, τῆς ἐκσυγχρονίσεως τῆς Κοινωνικῆς προκοπῆς τῶν Λαῶν.

Ἀραβικὴ νότα ἐπεδόθη εἰς τὸ Ἀμερικανικὸν Ὑπουργεῖον τῶν Ἐξωτερικῶν Η ΥΠΟΘΕΣΙΣ ΤΗΣ «ΚΛΕΟΠΑΤΡΑΣ» ΑΠΟΤΕΛΕΙ ΣΙΩΝΙΣΤΙΚΗΝ ΠΛΕΚΤΑΝΗΝ τὸν τίτλον... «Αὐτοκράτωρ» τῶν Ἰνδιῶν! Εἰρηνικὴς κατακτητὴς ναὶ καρδιῶν περιοδεύσαν ἀνὰ τὰς δύο Ἰνδικὰς χώρας ὁ — τὴν Φιλοσοφίαν τοῦ «Μαχάτμα» τοῦ Ἀραδισμοῦ. Ἐκήρυξε τὰ ἐάγγυέλιον τοῦ Δικαίου, τῆς Εἰρήνης, τῆς ἐκσυγχρονίσεως τῆς Κοινωνικῆς προκοπῆς τῶν Λαῶν.

ΤΩΑ ΚΑΙ ΤΟΥΡΙΣΜΟΣ
Ὅπως διευθυντὴς τῆς Τ.W.A., ἔφθασε εἰς τὸ Κάϊρον προχτὲς καὶ παρέθεσε εἰς Νέα Ὑόρκης καὶ καταβίβασεν τὰ πράγματα τὰ Ἀνατολὴ. Ὁ Ὅμιλος ἔχει δι' ἀντιπρόσωπον αὐτοῦ εἰς Αἴγυπτον ὁ ὁποῖος ἔχει ἀναλάβει τὴν προώθησιν τοῦ τουρισμοῦ πρὸς τὴν χώραν.
Ἡ φωτογραφία μας παρουσιάζει ἐξ ἀριστερῶν πρὸς τὰ δεξιὰ : τὸν κ. Τόμπσον, Ἀντιπρόεδρον τῆς ἑταιρείας, τὴν Δ/δα Λουΐζαν, τὸν κ. Ραούφ Μουράντ, Γενικὸν Διευθυντὴν τῆς Ἑταιρείας Τουρισμοῦ μετὰ τοῦ ὁμίλου καὶ τὸν συνδιαλεγχθέντα ἐπισκέπτην.

Ὅπως διευθυντὴς τῆς Τ.W.A., ἔφθασε εἰς τὸ Κάϊρον προχτὲς καὶ παρέθεσε εἰς Νέα Ὑόρκης καὶ καταβίβασεν τὰ πράγματα τὰ Ἀνατολὴ. Ὁ Ὅμιλος ἔχει δι' ἀντιπρόσωπον αὐτοῦ εἰς Αἴγυπτον ὁ ὁποῖος ἔχει ἀναλάβει τὴν προώθησιν τοῦ τουρισμοῦ πρὸς τὴν χώραν. Τὰ οἰκονομικὰ ἐμβάσματα τῶν παλιννοστούντων, τὰ φοιτητικὰ καὶ αἱ συντάξεις, θὰ ἔπαι ἀρχίσουν ἀποστελλόμενα ὡς καὶ πρότερον. – Παράτασις ἀδειῶν εἰσαγωγῆς ἐξ Ἑλλάδος.

Ὅπως διευθυντὴς τῆς Τ.W.A., ἔφθασε εἰς τὸ Κάϊρον προχτὲς καὶ παρέθεσε εἰς Νέα Ὑόρκης καὶ καταβίβασεν τὰ πράγματα τὰ Ἀνατολὴ. Ὁ Ὅμιλος ἔχει δι' ἀντιπρόσωπον αὐτοῦ εἰς Αἴγυπτον ὁ ὁποῖος ἔχει ἀναλάβει τὴν προώθησιν τοῦ τουρισμοῦ πρὸς τὴν χώραν. Τὰ οἰκονομικὰ ἐμβάσματα τῶν παλιννοστούντων, τὰ φοιτητικὰ καὶ αἱ συντάξεις, θὰ ἔπαι ἀρχίσουν ἀποστελλόμενα ὡς καὶ πρότερον. – Παράτασις ἀδειῶν εἰσαγωγῆς ἐξ Ἑλλάδος.

Ὅπως διευθυντὴς τῆς Τ.W.A., ἔφθασε εἰς τὸ Κάϊρον προχτὲς καὶ παρέθεσε εἰς Νέα Ὑόρκης καὶ καταβίβασεν τὰ πράγματα τὰ Ἀνατολὴ. Ὁ Ὅμιλος ἔχει δι' ἀντιπρόσωπον αὐτοῦ εἰς Αἴγυπτον ὁ ὁποῖος ἔχει ἀναλάβει τὴν προώθησιν τοῦ τουρισμοῦ πρὸς τὴν χώραν. Τὰ οἰκονομικὰ ἐμβάσματα τῶν παλιννοστούντων, τὰ φοιτητικὰ καὶ αἱ συντάξεις, θὰ ἔπαι ἀρχίσουν ἀποστελλόμενα ὡς καὶ πρότερον. – Παράτασις ἀδειῶν εἰσαγωγῆς ἐξ Ἑλλάδος.

Ὅπως διευθυντὴς τῆς Τ.W.A., ἔφθασε εἰς τὸ Κάϊρον προχτὲς καὶ παρέθεσε εἰς Νέα Ὑόρκης καὶ καταβίβασεν τὰ πράγματα τὰ Ἀνατολὴ. Ὁ Ὅμιλος ἔχει δι' ἀντιπρόσωπον αὐτοῦ εἰς Αἴγυπτον ὁ ὁποῖος ἔχει ἀναλάβει τὴν προώθησιν τοῦ τουρισμοῦ πρὸς τὴν χώραν. Τὰ οἰκονομικὰ ἐμβάσματα τῶν παλιννοστούντων, τὰ φοιτητικὰ καὶ αἱ συντάξεις, θὰ ἔπαι ἀρχίσουν ἀποστελλόμενα ὡς καὶ πρότερον. – Παράτασις ἀδειῶν εἰσαγωγῆς ἐξ Ἑλλάδος.

Ὅπως διευθυντὴς τῆς Τ.W.A., ἔφθασε εἰς τὸ Κάϊρον προχτὲς καὶ παρέθεσε εἰς Νέα Ὑόρκης καὶ καταβίβασεν τὰ πράγματα τὰ Ἀνατολὴ. Ὁ Ὅμιλος ἔχει δι' ἀντιπρόσωπον αὐτοῦ εἰς Αἴγυπτον ὁ ὁποῖος ἔχει ἀναλάβει τὴν προώθησιν τοῦ τουρισμοῦ πρὸς τὴν χώραν. Τὰ οἰκονομικὰ ἐμβάσματα τῶν παλιννοστούντων, τὰ φοιτητικὰ καὶ αἱ συντάξεις, θὰ ἔπαι ἀρχίσουν ἀποστελλόμενα ὡς καὶ πρότερον. – Παράτασις ἀδειῶν εἰσαγωγῆς ἐξ Ἑλλάδος.

Η ΑΛΕΞΑΝΔΡΕΙΑ ΕΧΕΙ ΔΥΟ ΕΚΑΤΟΜΜΥΡΙΑ ΚΑΤΟΙΚΟΥΣ
«Ἐξ ἐγγύρου πηγῆς, ἐγνώσθη ὅτι κατὰ τὴν προσεχῆ ἀπογραφὴν τῶν πληθυσμῶν θὰ γίνῃ τὸν Σεπτέμβριον, ὁ πληθυσμὸς τῆς Ἀλεξανδρείας θ' ἀνέρχεται εἰς δύο περίπου ἑκατομμύρια κατοίκων.
Ἐκ τῆς ἀπογραφῆς εἰς ὅλα ἐξαχθοῦν πορίσματα περὶ πολυαρίθμων μαθημάτων ἐξελίξεως τῆς πόλεως τῶν Ἀλεξανδρείας, διότι θὰ εἶναι ἐξηκριβωμένα καὶ δεδομένα τὰ μέσα.
Αἱ προταρακευαστικαὶ ἐργασίαι τῆς ἀπογραφῆς ἤρχισαν ἤδη ἀπὸ τοῦ μηνὸς τῆς ἑπομένης ὁμάδος εἰς τὴν Ἀλεξάνδρειαν.
Κατὰ τὴν ἀπογραφὴν τοῦ 1927 ἡ Ἀλεξάνδρεια εἶχε 573.000 κατοίκους, τῷ 1937 εἶχε 686.600, τοῦ 1947 919.000, καὶ ἐπὶ τῇ βάσει τοῦ 1959 ἡ Ἀλεξάνδρεια ἀνῆλθε εἰς 1.294.000 κατοίκους.
Ὁ κ. Μαχμοὺτ Ἀφροὺ Νοσῆρ Ἐπικεφαλῆς Ὑπουργὸς τῶν Δημοσίων τῆς Νοτίου Ὑπηρεσίας, ἐπρόκειτο πρὸς τὴν Δημαρχίαν Ἀλεξανδρείας νὰ σχέσιον ἐξοικονομήσῃ τὸ πρόγραμμα διὰ τὴν ἀνάπτυξιν τοῦ οἰκισμοῦ καὶ τῆς ὑποδομῆς.
Ο ΠΡΟΕΔΡΟΣ ΝΑΣΣΕΡ ΕΥΧΑΡΙΣΤΕΙ ΤΗΝ ΕΛΛΗΝΙΚΗΝ ΠΑΡΟΙΚΙΑΝ ΤΟΥ ΚΑΪΡΟΥ
«Ὁ Πρόεδρος τῆς Ἡνωμένης Ἀραβικῆς Δημοκρατίας Γκαμὰλ Ἀμπντὲλ Νάσσερ ἀπηύθυνεν τηλεγράφημα πρὸς τὴν Ἑλληνικὴν Κοινότητα Καΐρου διὰ τοῦ ὁποίου ἐκφράζει τὰς εὐχαριστίας του.
«Θέλω νὰ ἐκφράσω τὰς θερμοτέρας εὐχαριστίας μου πρὸς τὴν Ἑλληνικὴν Παροικίαν διὰ τὰ φιλικὰ αἰσθήματα τὰ ὁποῖα ἐξεδήλωσαν κατὰ τὴν ἐπάνοδόν μου».
· ΝΤΙΚΑΤΟΠΤΡΙΣΜΟΙ ·
ΠΑΣΧΑΛΙΝΑ ΘΥΜΑΤΑ
«Δὲν εἶναι ἡ πρώτη φορὰ ποὺ ὁ Πασχαλινὸς ἑορτασμὸς συνοδεύεται ἀπὸ θύματα, τὰ ὁποῖα ἐν τούτοις κατέστησαν ἀφορμὴν πόνου καὶ πένθους εἰς τὰς οἰκογενείας.
Οἱ σοβαροὶ τραυματισμοὶ καὶ τὰ ἀτυχήματα ποὺ προκαλοῦνται ἀπὸ τὴν ἀπρόσεκτον χρῆσιν τῶν κροτίδων ἀποτελοῦν τὴν μάστιγα κάθε ἑορτῆς.
Πέτρος Καστροφύλλη
